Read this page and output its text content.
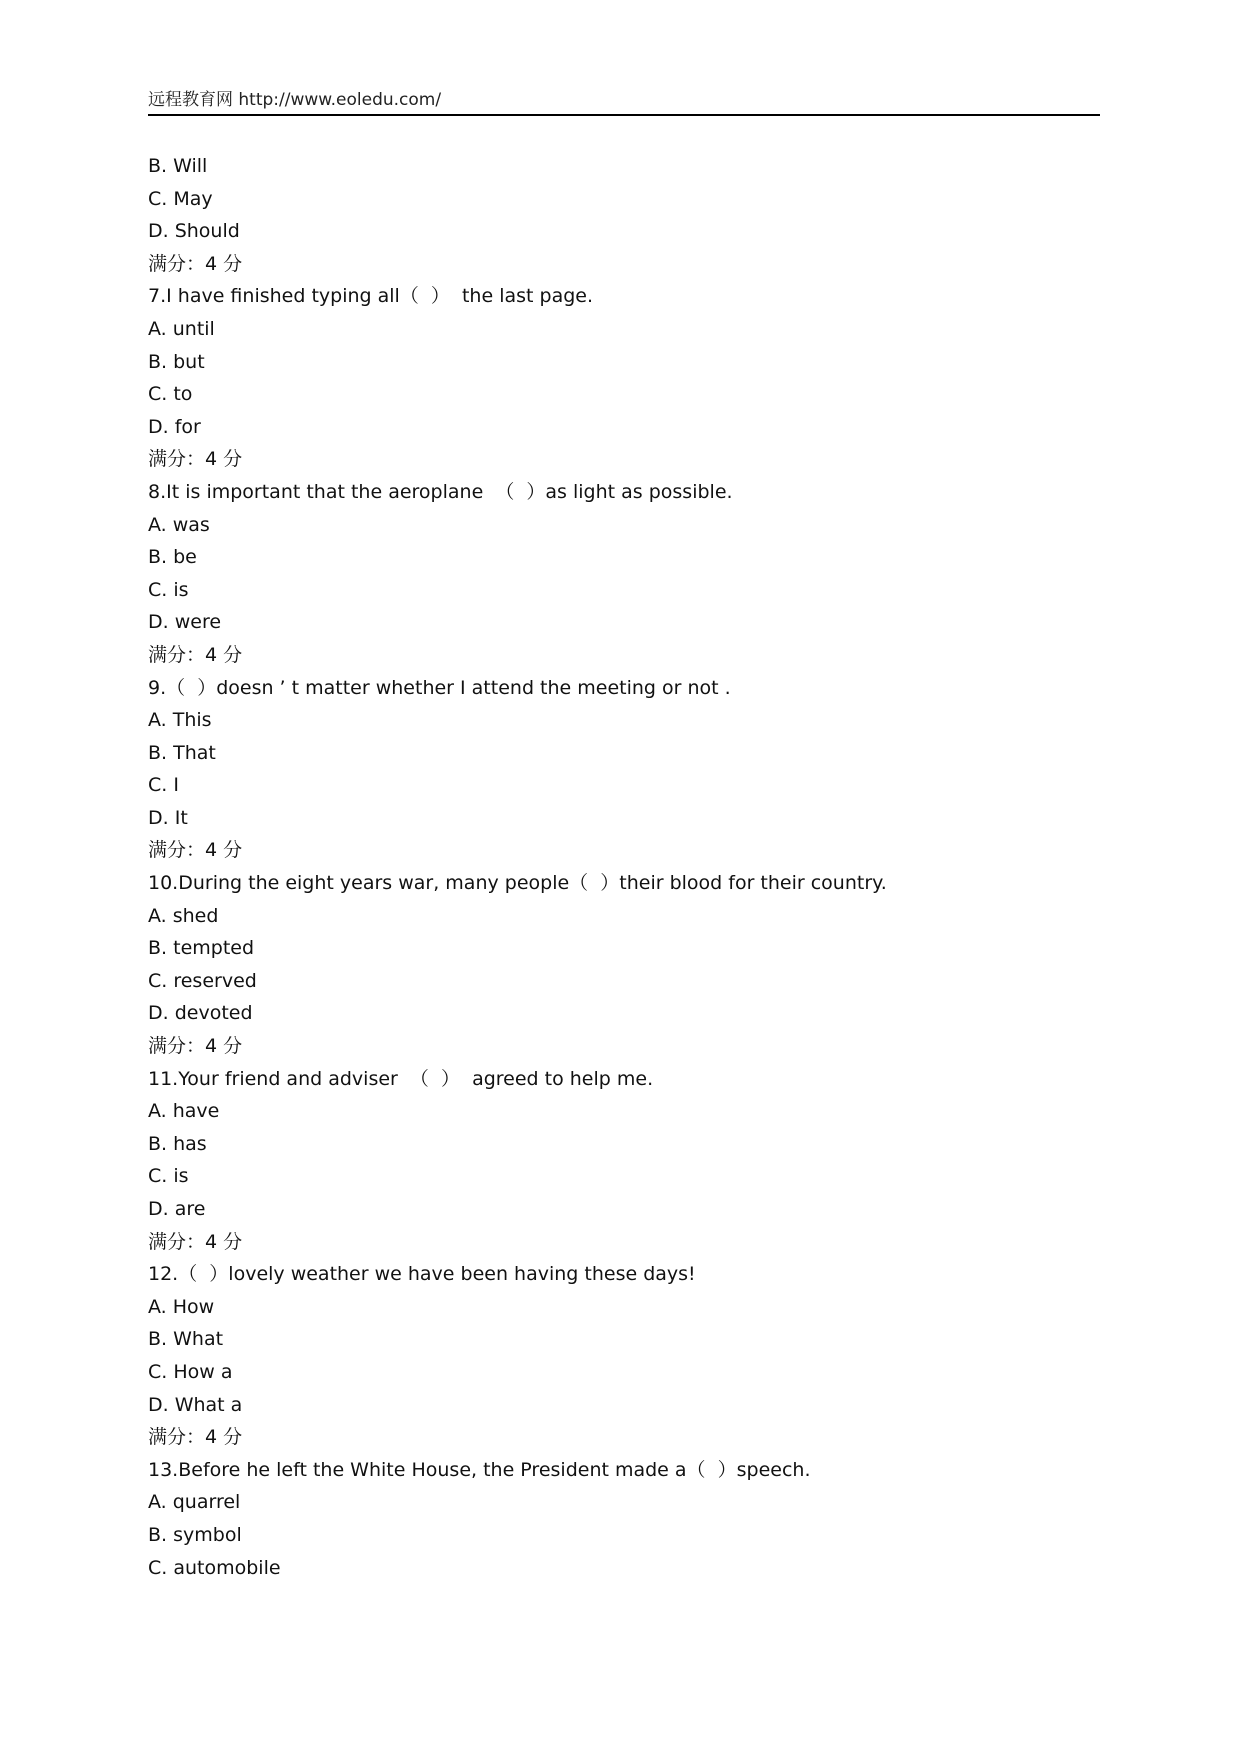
远程教育网 http://www.eoledu.com/
B. Will
C. May
D. Should
满分：4 分
7.I have finished typing all（  ）  the last page.
A. until
B. but
C. to
D. for
满分：4 分
8.It is important that the aeroplane  （  ）as light as possible.
A. was
B. be
C. is
D. were
满分：4 分
9.（  ）doesn ’ t matter whether I attend the meeting or not .
A. This
B. That
C. I
D. It
满分：4 分
10.During the eight years war, many people（  ）their blood for their country.
A. shed
B. tempted
C. reserved
D. devoted
满分：4 分
11.Your friend and adviser  （  ）  agreed to help me.
A. have
B. has
C. is
D. are
满分：4 分
12.（  ）lovely weather we have been having these days!
A. How
B. What
C. How a
D. What a
满分：4 分
13.Before he left the White House, the President made a（  ）speech.
A. quarrel
B. symbol
C. automobile
